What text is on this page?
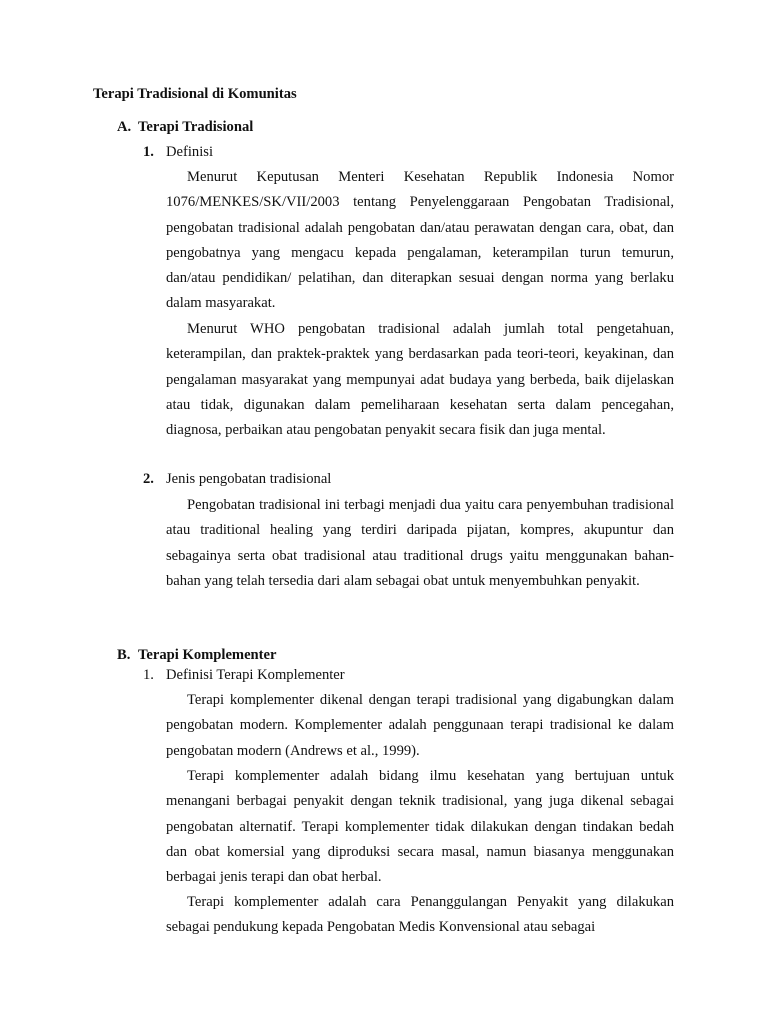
Terapi Tradisional di Komunitas
A. Terapi Tradisional
1. Definisi

Menurut Keputusan Menteri Kesehatan Republik Indonesia Nomor 1076/MENKES/SK/VII/2003 tentang Penyelenggaraan Pengobatan Tradisional, pengobatan tradisional adalah pengobatan dan/atau perawatan dengan cara, obat, dan pengobatnya yang mengacu kepada pengalaman, keterampilan turun temurun, dan/atau pendidikan/ pelatihan, dan diterapkan sesuai dengan norma yang berlaku dalam masyarakat.

Menurut WHO pengobatan tradisional adalah jumlah total pengetahuan, keterampilan, dan praktek-praktek yang berdasarkan pada teori-teori, keyakinan, dan pengalaman masyarakat yang mempunyai adat budaya yang berbeda, baik dijelaskan atau tidak, digunakan dalam pemeliharaan kesehatan serta dalam pencegahan, diagnosa, perbaikan atau pengobatan penyakit secara fisik dan juga mental.

2. Jenis pengobatan tradisional

Pengobatan tradisional ini terbagi menjadi dua yaitu cara penyembuhan tradisional atau traditional healing yang terdiri daripada pijatan, kompres, akupuntur dan sebagainya serta obat tradisional atau traditional drugs yaitu menggunakan bahan-bahan yang telah tersedia dari alam sebagai obat untuk menyembuhkan penyakit.

B. Terapi Komplementer
1. Definisi Terapi Komplementer

Terapi komplementer dikenal dengan terapi tradisional yang digabungkan dalam pengobatan modern. Komplementer adalah penggunaan terapi tradisional ke dalam pengobatan modern (Andrews et al., 1999).

Terapi komplementer adalah bidang ilmu kesehatan yang bertujuan untuk menangani berbagai penyakit dengan teknik tradisional, yang juga dikenal sebagai pengobatan alternatif. Terapi komplementer tidak dilakukan dengan tindakan bedah dan obat komersial yang diproduksi secara masal, namun biasanya menggunakan berbagai jenis terapi dan obat herbal.

Terapi komplementer adalah cara Penanggulangan Penyakit yang dilakukan sebagai pendukung kepada Pengobatan Medis Konvensional atau sebagai
